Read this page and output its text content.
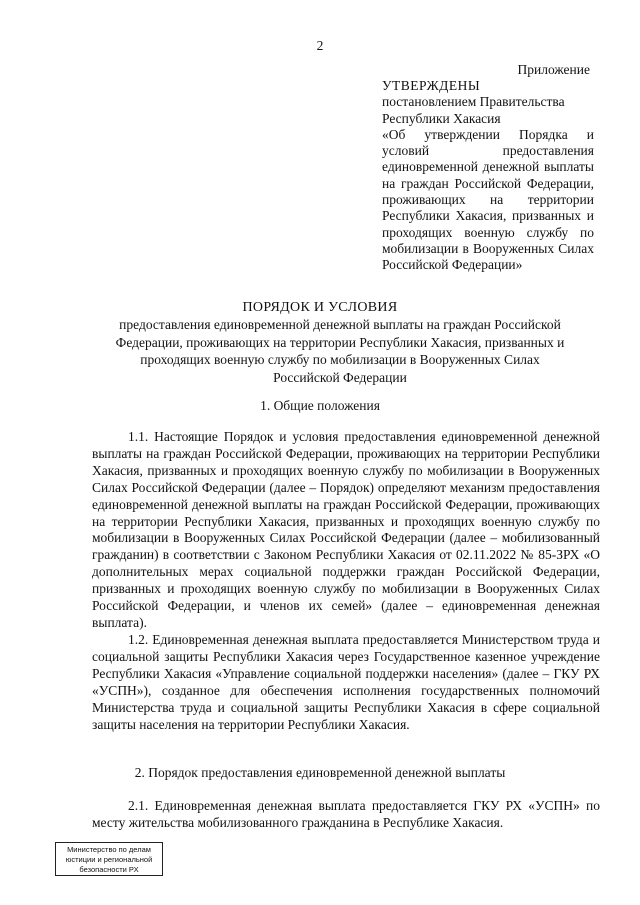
2
Приложение
УТВЕРЖДЕНЫ
постановлением Правительства
Республики Хакасия
«Об утверждении Порядка и условий предоставления единовременной денежной выплаты на граждан Российской Федерации, проживающих на территории Республики Хакасия, призванных и проходящих военную службу по мобилизации в Вооруженных Силах Российской Федерации»
ПОРЯДОК И УСЛОВИЯ
предоставления единовременной денежной выплаты на граждан Российской Федерации, проживающих на территории Республики Хакасия, призванных и проходящих военную службу по мобилизации в Вооруженных Силах Российской Федерации
1. Общие положения
1.1. Настоящие Порядок и условия предоставления единовременной денежной выплаты на граждан Российской Федерации, проживающих на территории Республики Хакасия, призванных и проходящих военную службу по мобилизации в Вооруженных Силах Российской Федерации (далее – Порядок) определяют механизм предоставления единовременной денежной выплаты на граждан Российской Федерации, проживающих на территории Республики Хакасия, призванных и проходящих военную службу по мобилизации в Вооруженных Силах Российской Федерации (далее – мобилизованный гражданин) в соответствии с Законом Республики Хакасия от 02.11.2022 № 85-ЗРХ «О дополнительных мерах социальной поддержки граждан Российской Федерации, призванных и проходящих военную службу по мобилизации в Вооруженных Силах Российской Федерации, и членов их семей» (далее – единовременная денежная выплата).
1.2. Единовременная денежная выплата предоставляется Министерством труда и социальной защиты Республики Хакасия через Государственное казенное учреждение Республики Хакасия «Управление социальной поддержки населения» (далее – ГКУ РХ «УСПН»), созданное для обеспечения исполнения государственных полномочий Министерства труда и социальной защиты Республики Хакасия в сфере социальной защиты населения на территории Республики Хакасия.
2. Порядок предоставления единовременной денежной выплаты
2.1. Единовременная денежная выплата предоставляется ГКУ РХ «УСПН» по месту жительства мобилизованного гражданина в Республике Хакасия.
Министерство по делам
юстиции и региональной
безопасности РХ
